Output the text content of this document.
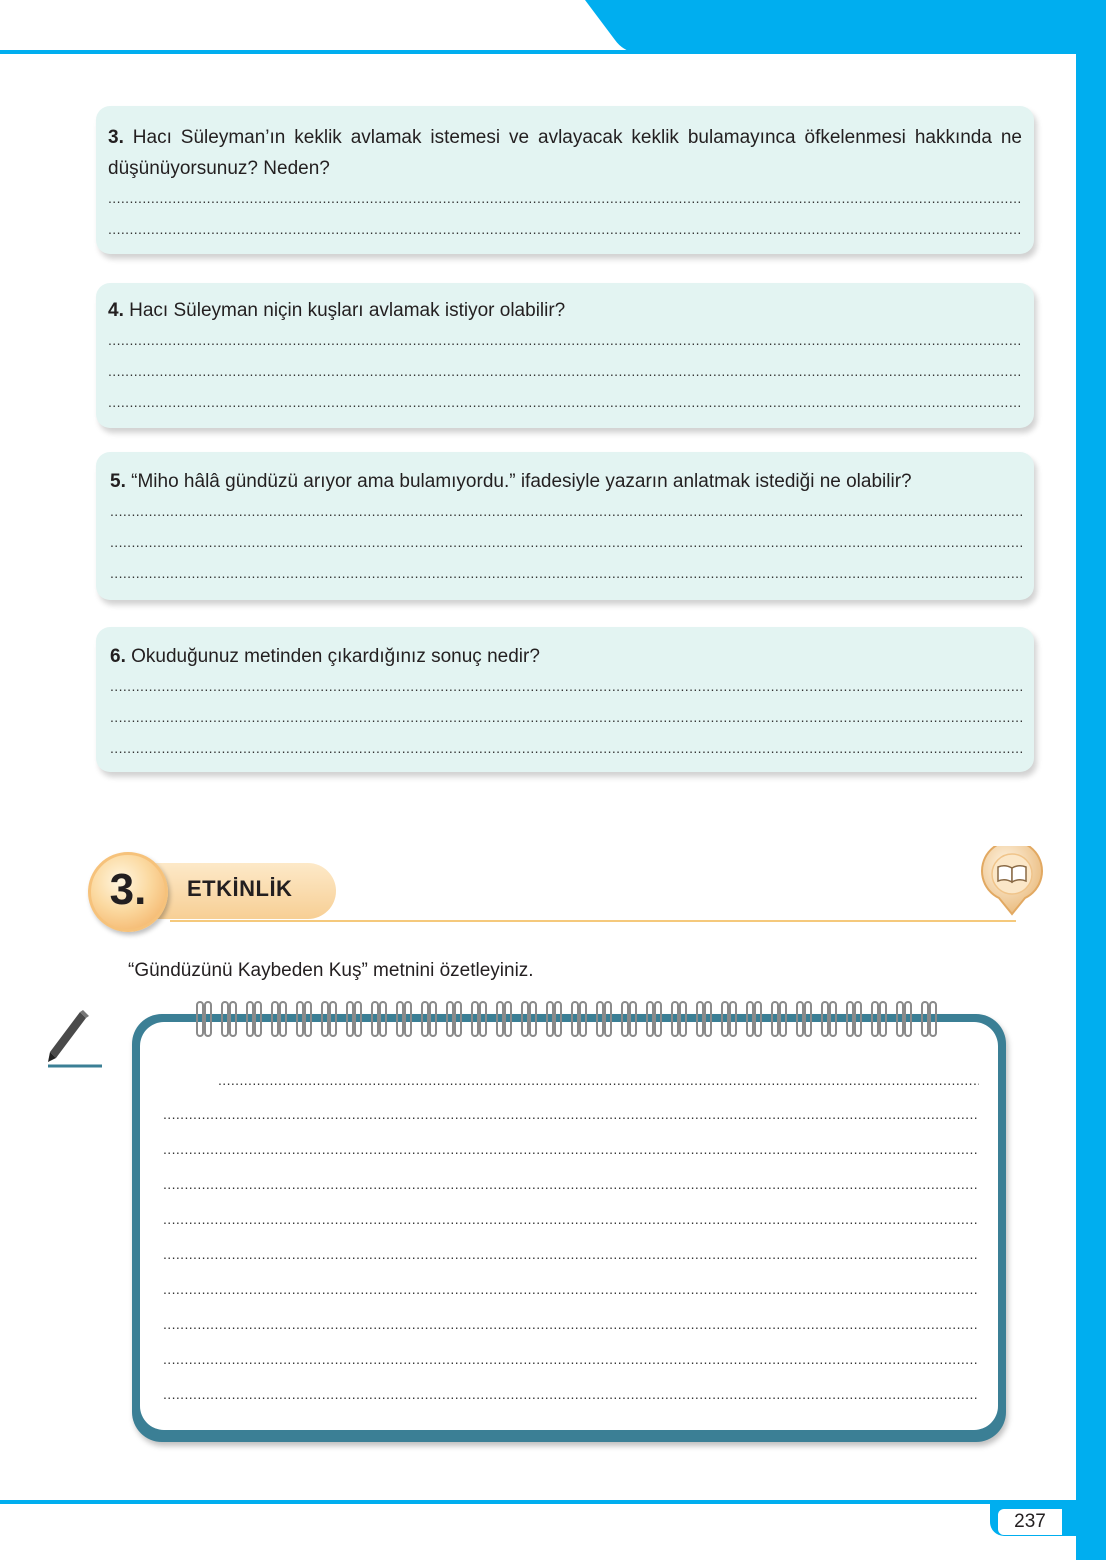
237
3. Hacı Süleyman’ın keklik avlamak istemesi ve avlayacak keklik bulamayınca öfkelenmesi hakkında ne düşünüyorsunuz? Neden?
.....
.....
4. Hacı Süleyman niçin kuşları avlamak istiyor olabilir?
.....
.....
.....
5. “Miho hâlâ gündüzü arıyor ama bulamıyordu.” ifadesiyle yazarın anlatmak istediği ne olabilir?
.....
.....
.....
6. Okuduğunuz metinden çıkardığınız sonuç nedir?
.....
.....
.....
3.	ETKİNLİK
“Gündüzünü Kaybeden Kuş” metnini özetleyiniz.
.....
.....
.....
.....
.....
.....
.....
.....
.....
.....
